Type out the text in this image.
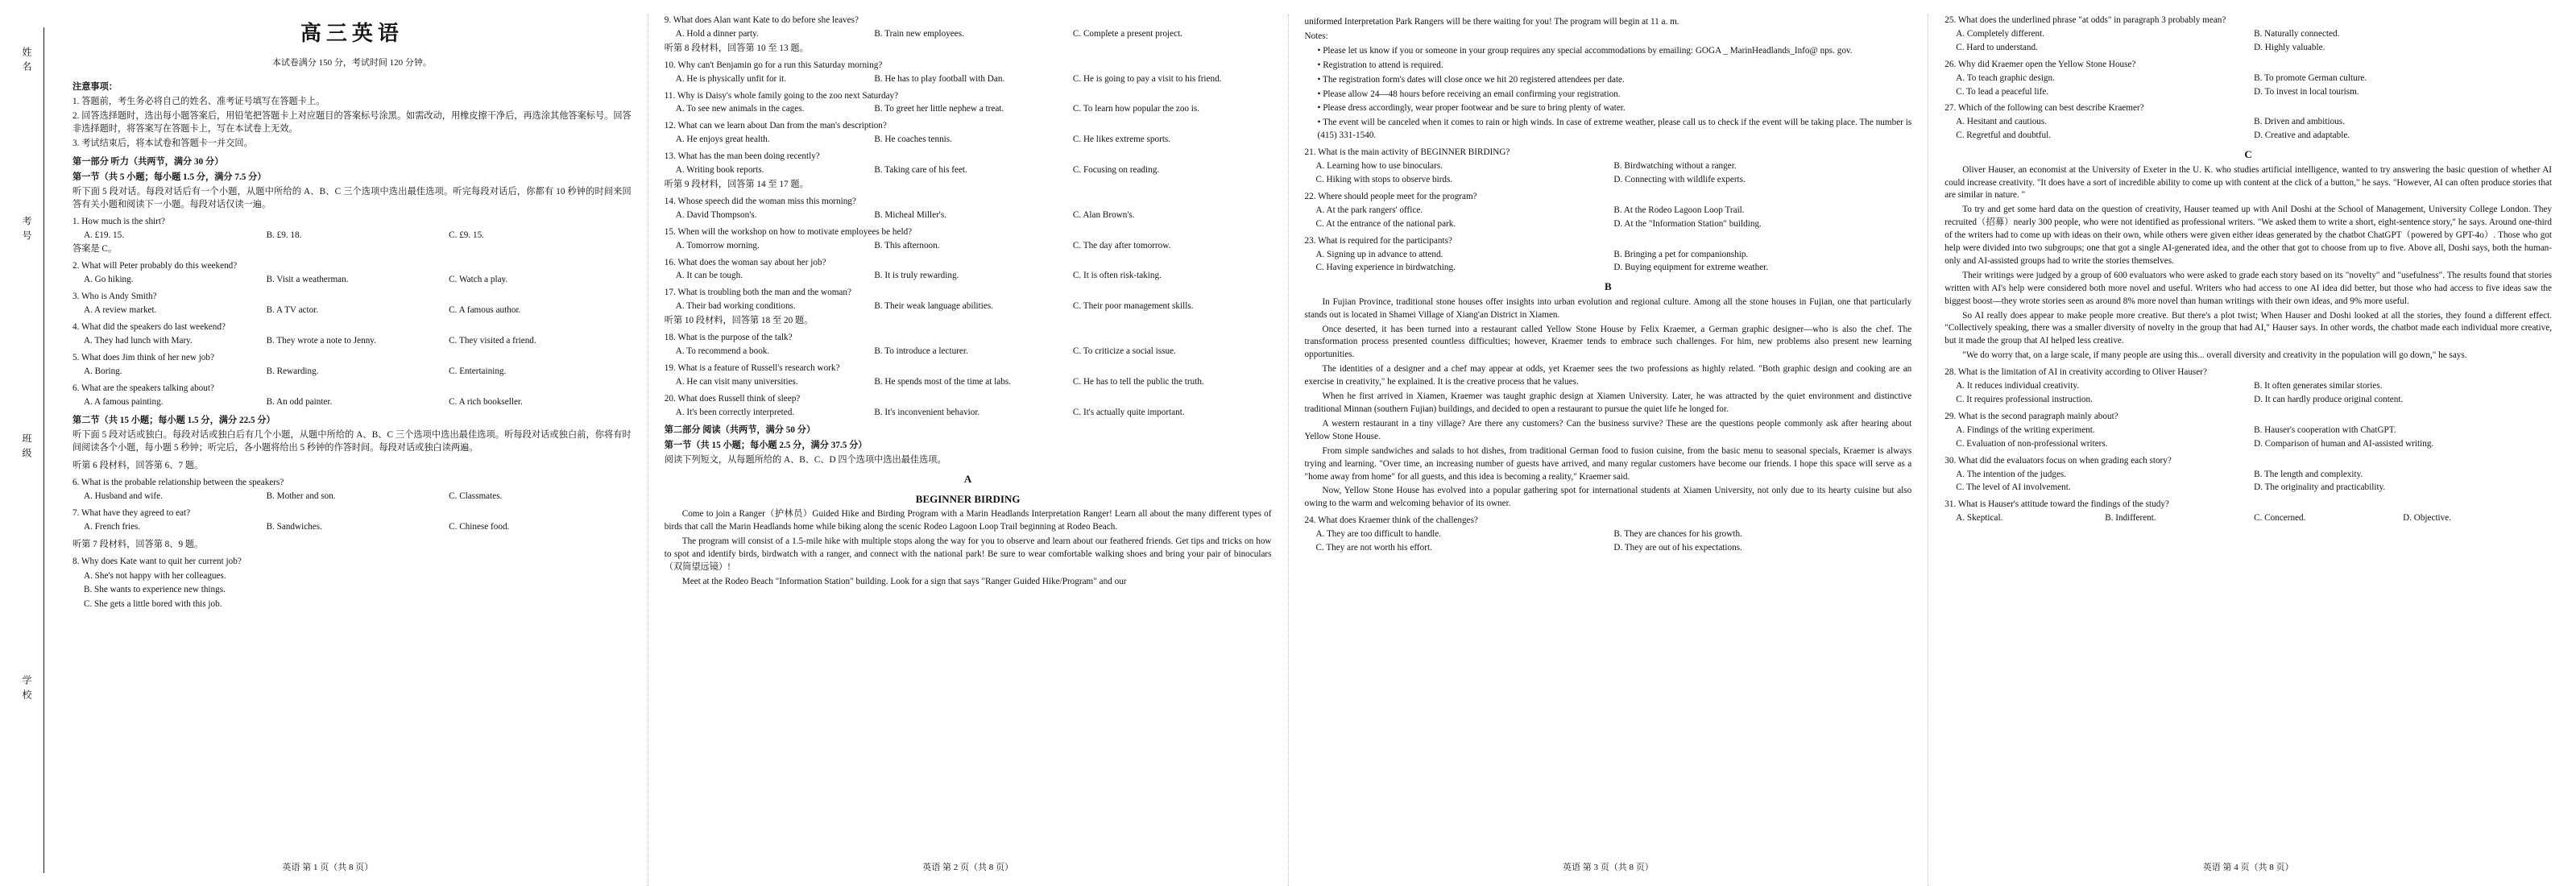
姓名
考号
班级
学校
高三英语
本试卷满分 150 分，考试时间 120 分钟。
注意事项：
1. 答题前，考生务必将自己的姓名、准考证号填写在答题卡上。
2. 回答选择题时，选出每小题答案后，用铅笔把答题卡上对应题目的答案标号涂黑。如需改动，用橡皮擦干净后，再选涂其他答案标号。回答非选择题时，将答案写在答题卡上，写在本试卷上无效。
3. 考试结束后，将本试卷和答题卡一并交回。
第一部分 听力（共两节，满分 30 分）
第一节（共 5 小题；每小题 1.5 分，满分 7.5 分）
听下面 5 段对话。每段对话后有一个小题，从题中所给的 A、B、C 三个选项中选出最佳选项。听完每段对话后，你都有 10 秒钟的时间来回答有关小题和阅读下一小题。每段对话仅读一遍。
1. How much is the shirt?
A. £19. 15.	B. £9. 18.	C. £9. 15.
答案是 C。
2. What will Peter probably do this weekend?
A. Go hiking.	B. Visit a weatherman.	C. Watch a play.
3. Who is Andy Smith?
A. A review market.	B. A TV actor.	C. A famous author.
4. What did the speakers do last weekend?
A. They had lunch with Mary.	B. They wrote a note to Jenny.	C. They visited a friend.
5. What does Jim think of her new job?
A. Boring.	B. Rewarding.	C. Entertaining.
6. What are the speakers talking about?
A. A famous painting.	B. An odd painter.	C. A rich bookseller.
第二节（共 15 小题；每小题 1.5 分，满分 22.5 分）
听下面 5 段对话或独白。每段对话或独白后有几个小题，从题中所给的 A、B、C 三个选项中选出最佳选项。听每段对话或独白前，你将有时间阅读各个小题，每小题 5 秒钟；听完后，各小题将给出 5 秒钟的作答时间。每段对话或独白读两遍。
听第 6 段材料，回答第 6、7 题。
6. What is the probable relationship between the speakers?
A. Husband and wife.	B. Mother and son.	C. Classmates.
7. What have they agreed to eat?
A. French fries.	B. Sandwiches.	C. Chinese food.
听第 7 段材料，回答第 8、9 题。
8. Why does Kate want to quit her current job?
A. She's not happy with her colleagues.
B. She wants to experience new things.
C. She gets a little bored with this job.
英语 第 1 页（共 8 页）
9. What does Alan want Kate to do before she leaves?
A. Hold a dinner party.	B. Train new employees.	C. Complete a present project.
听第 8 段材料，回答第 10 至 13 题。
10. Why can't Benjamin go for a run this Saturday morning?
A. He is physically unfit for it.	B. He has to play football with Dan.	C. He is going to pay a visit to his friend.
11. Why is Daisy's whole family going to the zoo next Saturday?
A. To see new animals in the cages.	B. To greet her little nephew a treat.	C. To learn how popular the zoo is.
12. What can we learn about Dan from the man's description?
A. He enjoys great health.	B. He coaches tennis.	C. He likes extreme sports.
13. What has the man been doing recently?
A. Writing book reports.	B. Taking care of his feet.	C. Focusing on reading.
听第 9 段材料，回答第 14 至 17 题。
14. Whose speech did the woman miss this morning?
A. David Thompson's.	B. Micheal Miller's.	C. Alan Brown's.
15. When will the workshop on how to motivate employees be held?
A. Tomorrow morning.	B. This afternoon.	C. The day after tomorrow.
16. What does the woman say about her job?
A. It can be tough.	B. It is truly rewarding.	C. It is often risk-taking.
17. What is troubling both the man and the woman?
A. Their bad working conditions.	B. Their weak language abilities.	C. Their poor management skills.
听第 10 段材料，回答第 18 至 20 题。
18. What is the purpose of the talk?
A. To recommend a book.	B. To introduce a lecturer.	C. To criticize a social issue.
19. What is a feature of Russell's research work?
A. He can visit many universities.	B. He spends most of the time at labs.	C. He has to tell the public the truth.
20. What does Russell think of sleep?
A. It's been correctly interpreted.	B. It's inconvenient behavior.	C. It's actually quite important.
第二部分 阅读（共两节，满分 50 分）
第一节（共 15 小题；每小题 2.5 分，满分 37.5 分）
阅读下列短文，从每题所给的 A、B、C、D 四个选项中选出最佳选项。
A
BEGINNER BIRDING
Come to join a Ranger（护林员）Guided Hike and Birding Program with a Marin Headlands Interpretation Ranger! Learn all about the many different types of birds that call the Marin Headlands home while biking along the scenic Rodeo Lagoon Loop Trail beginning at Rodeo Beach.
The program will consist of a 1.5-mile hike with multiple stops along the way for you to observe and learn about our feathered friends. Get tips and tricks on how to spot and identify birds, birdwatch with a ranger, and connect with the national park! Be sure to wear comfortable walking shoes and bring your pair of binoculars（双筒望远镜）!
Meet at the Rodeo Beach "Information Station" building. Look for a sign that says "Ranger Guided Hike/Program" and our
英语 第 2 页（共 8 页）
uniformed Interpretation Park Rangers will be there waiting for you! The program will begin at 11 a. m.
Notes:
• Please let us know if you or someone in your group requires any special accommodations by emailing: GOGA _ MarinHeadlands_Info@ nps. gov.
• Registration to attend is required.
• The registration form's dates will close once we hit 20 registered attendees per date.
• Please allow 24—48 hours before receiving an email confirming your registration.
• Please dress accordingly, wear proper footwear and be sure to bring plenty of water.
• The event will be canceled when it comes to rain or high winds. In case of extreme weather, please call us to check if the event will be taking place. The number is (415) 331-1540.
21. What is the main activity of BEGINNER BIRDING?
A. Learning how to use binoculars.	B. Birdwatching without a ranger.
C. Hiking with stops to observe birds.	D. Connecting with wildlife experts.
22. Where should people meet for the program?
A. At the park rangers' office.	B. At the Rodeo Lagoon Loop Trail.
C. At the entrance of the national park.	D. At the "Information Station" building.
23. What is required for the participants?
A. Signing up in advance to attend.	B. Bringing a pet for companionship.
C. Having experience in birdwatching.	D. Buying equipment for extreme weather.
B
In Fujian Province, traditional stone houses offer insights into urban evolution and regional culture. Among all the stone houses in Fujian, one that particularly stands out is located in Shamei Village of Xiang'an District in Xiamen.
Once deserted, it has been turned into a restaurant called Yellow Stone House by Felix Kraemer, a German graphic designer—who is also the chef. The transformation process presented countless difficulties; however, Kraemer tends to embrace such challenges. For him, new problems also present new learning opportunities.
The identities of a designer and a chef may appear at odds, yet Kraemer sees the two professions as highly related. "Both graphic design and cooking are an exercise in creativity," he explained. It is the creative process that he values.
When he first arrived in Xiamen, Kraemer was taught graphic design at Xiamen University. Later, he was attracted by the quiet environment and distinctive traditional Minnan (southern Fujian) buildings, and decided to open a restaurant to pursue the quiet life he longed for.
A western restaurant in a tiny village? Are there any customers? Can the business survive? These are the questions people commonly ask after hearing about Yellow Stone House.
From simple sandwiches and salads to hot dishes, from traditional German food to fusion cuisine, from the basic menu to seasonal specials, Kraemer is always trying and learning. "Over time, an increasing number of guests have arrived, and many regular customers have become our friends. I hope this space will serve as a "home away from home" for all guests, and this idea is becoming a reality," Kraemer said.
Now, Yellow Stone House has evolved into a popular gathering spot for international students at Xiamen University, not only due to its hearty cuisine but also owing to the warm and welcoming behavior of its owner.
24. What does Kraemer think of the challenges?
A. They are too difficult to handle.	B. They are chances for his growth.
C. They are not worth his effort.	D. They are out of his expectations.
英语 第 3 页（共 8 页）
25. What does the underlined phrase "at odds" in paragraph 3 probably mean?
A. Completely different.	B. Naturally connected.
C. Hard to understand.	D. Highly valuable.
26. Why did Kraemer open the Yellow Stone House?
A. To teach graphic design.	B. To promote German culture.
C. To lead a peaceful life.	D. To invest in local tourism.
27. Which of the following can best describe Kraemer?
A. Hesitant and cautious.	B. Driven and ambitious.
C. Regretful and doubtful.	D. Creative and adaptable.
C
Oliver Hauser, an economist at the University of Exeter in the U. K. who studies artificial intelligence, wanted to try answering the basic question of whether AI could increase creativity. "It does have a sort of incredible ability to come up with content at the click of a button," he says. "However, AI can often produce stories that are similar in nature. "
To try and get some hard data on the question of creativity, Hauser teamed up with Anil Doshi at the School of Management, University College London. They recruited（招募）nearly 300 people, who were not identified as professional writers. "We asked them to write a short, eight-sentence story," he says. Around one-third of the writers had to come up with ideas on their own, while others were given either ideas generated by the chatbot ChatGPT（powered by GPT-4o）. Those who got help were divided into two subgroups; one that got a single AI-generated idea, and the other that got to choose from up to five. Above all, Doshi says, both the human-only and AI-assisted groups had to write the stories themselves.
Their writings were judged by a group of 600 evaluators who were asked to grade each story based on its "novelty" and "usefulness". The results found that stories written with AI's help were considered both more novel and useful. Writers who had access to one AI idea did better, but those who had access to five ideas saw the biggest boost—they wrote stories seen as around 8% more novel than human writings with their own ideas, and 9% more useful.
So AI really does appear to make people more creative. But there's a plot twist; When Hauser and Doshi looked at all the stories, they found a different effect. "Collectively speaking, there was a smaller diversity of novelty in the group that had AI," Hauser says. In other words, the chatbot made each individual more creative, but it made the group that AI helped less creative.
"We do worry that, on a large scale, if many people are using this... overall diversity and creativity in the population will go down," he says.
28. What is the limitation of AI in creativity according to Oliver Hauser?
A. It reduces individual creativity.	B. It often generates similar stories.
C. It requires professional instruction.	D. It can hardly produce original content.
29. What is the second paragraph mainly about?
A. Findings of the writing experiment.	B. Hauser's cooperation with ChatGPT.
C. Evaluation of non-professional writers.	D. Comparison of human and AI-assisted writing.
30. What did the evaluators focus on when grading each story?
A. The intention of the judges.	B. The length and complexity.
C. The level of AI involvement.	D. The originality and practicability.
31. What is Hauser's attitude toward the findings of the study?
A. Skeptical.	B. Indifferent.	C. Concerned.	D. Objective.
英语 第 4 页（共 8 页）
